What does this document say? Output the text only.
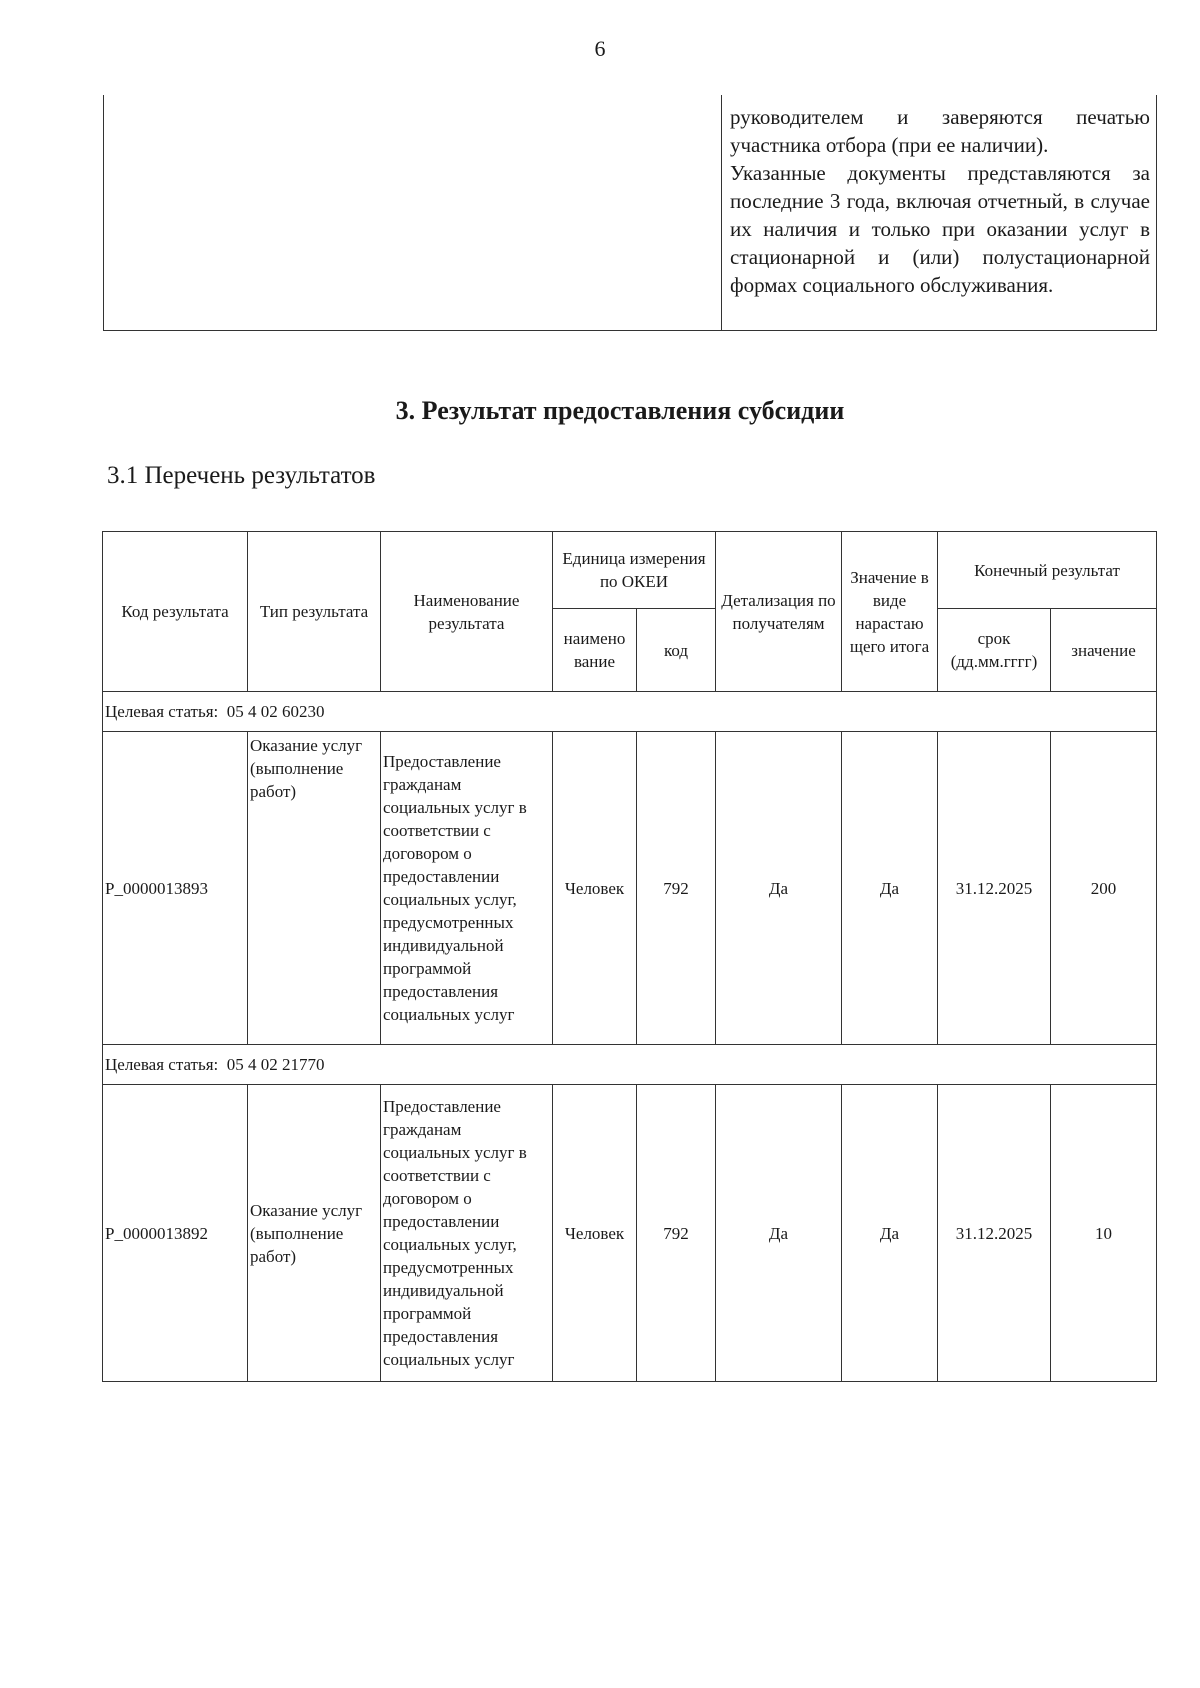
6

руководителем и заверяются печатью участника отбора (при ее наличии).

Указанные документы представляются за последние 3 года, включая отчетный, в случае их наличия и только при оказании услуг в стационарной и (или) полустационарной формах социального обслуживания.

3. Результат предоставления субсидии
3.1 Перечень результатов
Код результата	Тип результата	Наименование результата	Единица измерения по ОКЕИ		Детализация по получателям	Значение в виде нарастаю щего итога	Конечный результат	
			наимено вание	код			срок (дд.мм.гггг)	значение
Целевая статья: 05 4 02 60230								
Р_0000013893	Оказание услуг (выполнение работ)	Предоставление гражданам социальных услуг в соответствии с договором о предоставлении социальных услуг, предусмотренных индивидуальной программой предоставления социальных услуг	Человек	792	Да	Да	31.12.2025	200
Целевая статья: 05 4 02 21770								
Р_0000013892	Оказание услуг (выполнение работ)	Предоставление гражданам социальных услуг в соответствии с договором о предоставлении социальных услуг, предусмотренных индивидуальной программой предоставления социальных услуг	Человек	792	Да	Да	31.12.2025	10
